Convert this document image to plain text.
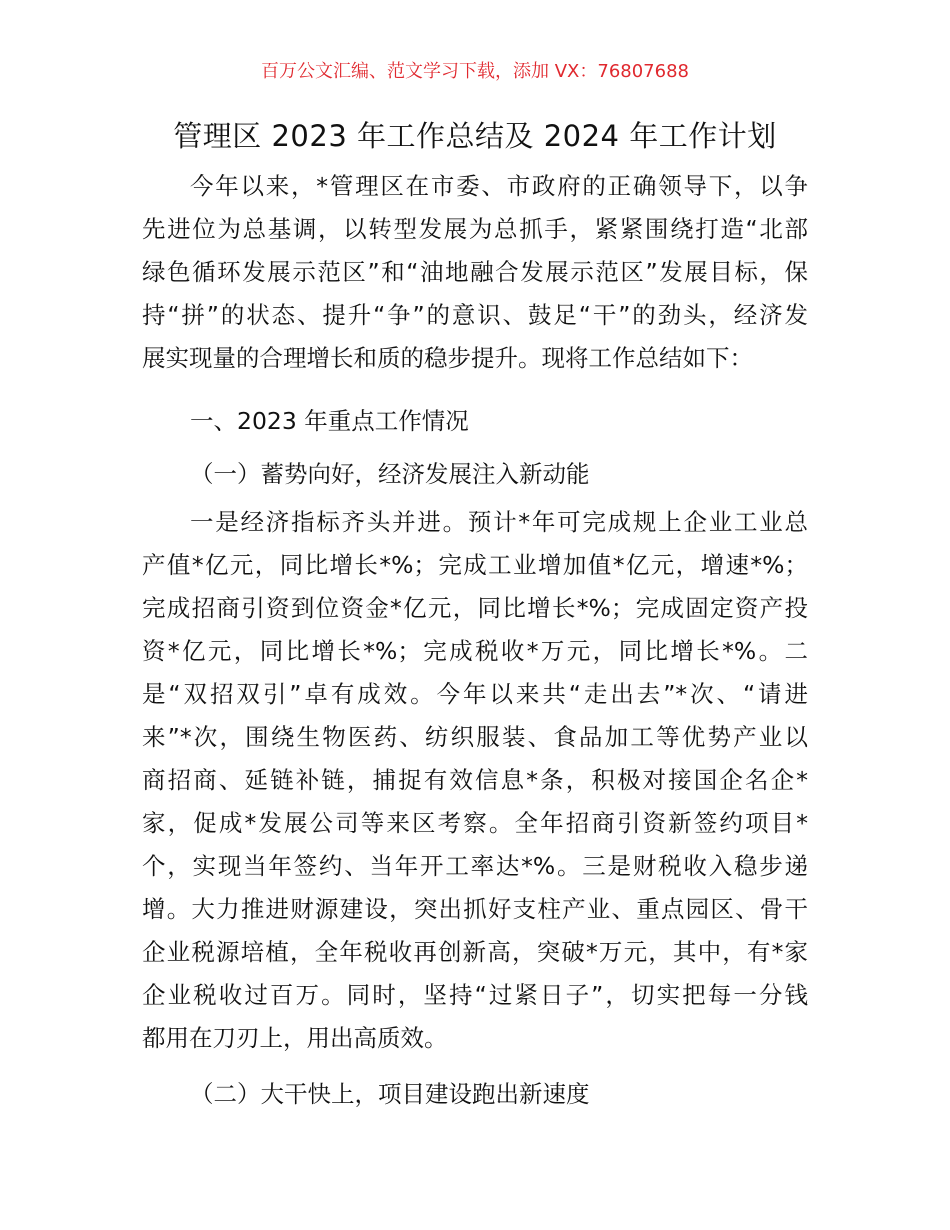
百万公文汇编、范文学习下载，添加 VX：76807688
管理区 2023 年工作总结及 2024 年工作计划
今年以来，*管理区在市委、市政府的正确领导下，以争
先进位为总基调，以转型发展为总抓手，紧紧围绕打造“北部
绿色循环发展示范区”和“油地融合发展示范区”发展目标，保
持“拼”的状态、提升“争”的意识、鼓足“干”的劲头，经济发
展实现量的合理增长和质的稳步提升。现将工作总结如下：
一、2023 年重点工作情况
（一）蓄势向好，经济发展注入新动能
一是经济指标齐头并进。预计*年可完成规上企业工业总
产值*亿元，同比增长*%；完成工业增加值*亿元，增速*%；
完成招商引资到位资金*亿元，同比增长*%；完成固定资产投
资*亿元，同比增长*%；完成税收*万元，同比增长*%。二
是“双招双引”卓有成效。今年以来共“走出去”*次、“请进
来”*次，围绕生物医药、纺织服装、食品加工等优势产业以
商招商、延链补链，捕捉有效信息*条，积极对接国企名企*
家，促成*发展公司等来区考察。全年招商引资新签约项目*
个，实现当年签约、当年开工率达*%。三是财税收入稳步递
增。大力推进财源建设，突出抓好支柱产业、重点园区、骨干
企业税源培植，全年税收再创新高，突破*万元，其中，有*家
企业税收过百万。同时，坚持“过紧日子”，切实把每一分钱
都用在刀刃上，用出高质效。
（二）大干快上，项目建设跑出新速度
